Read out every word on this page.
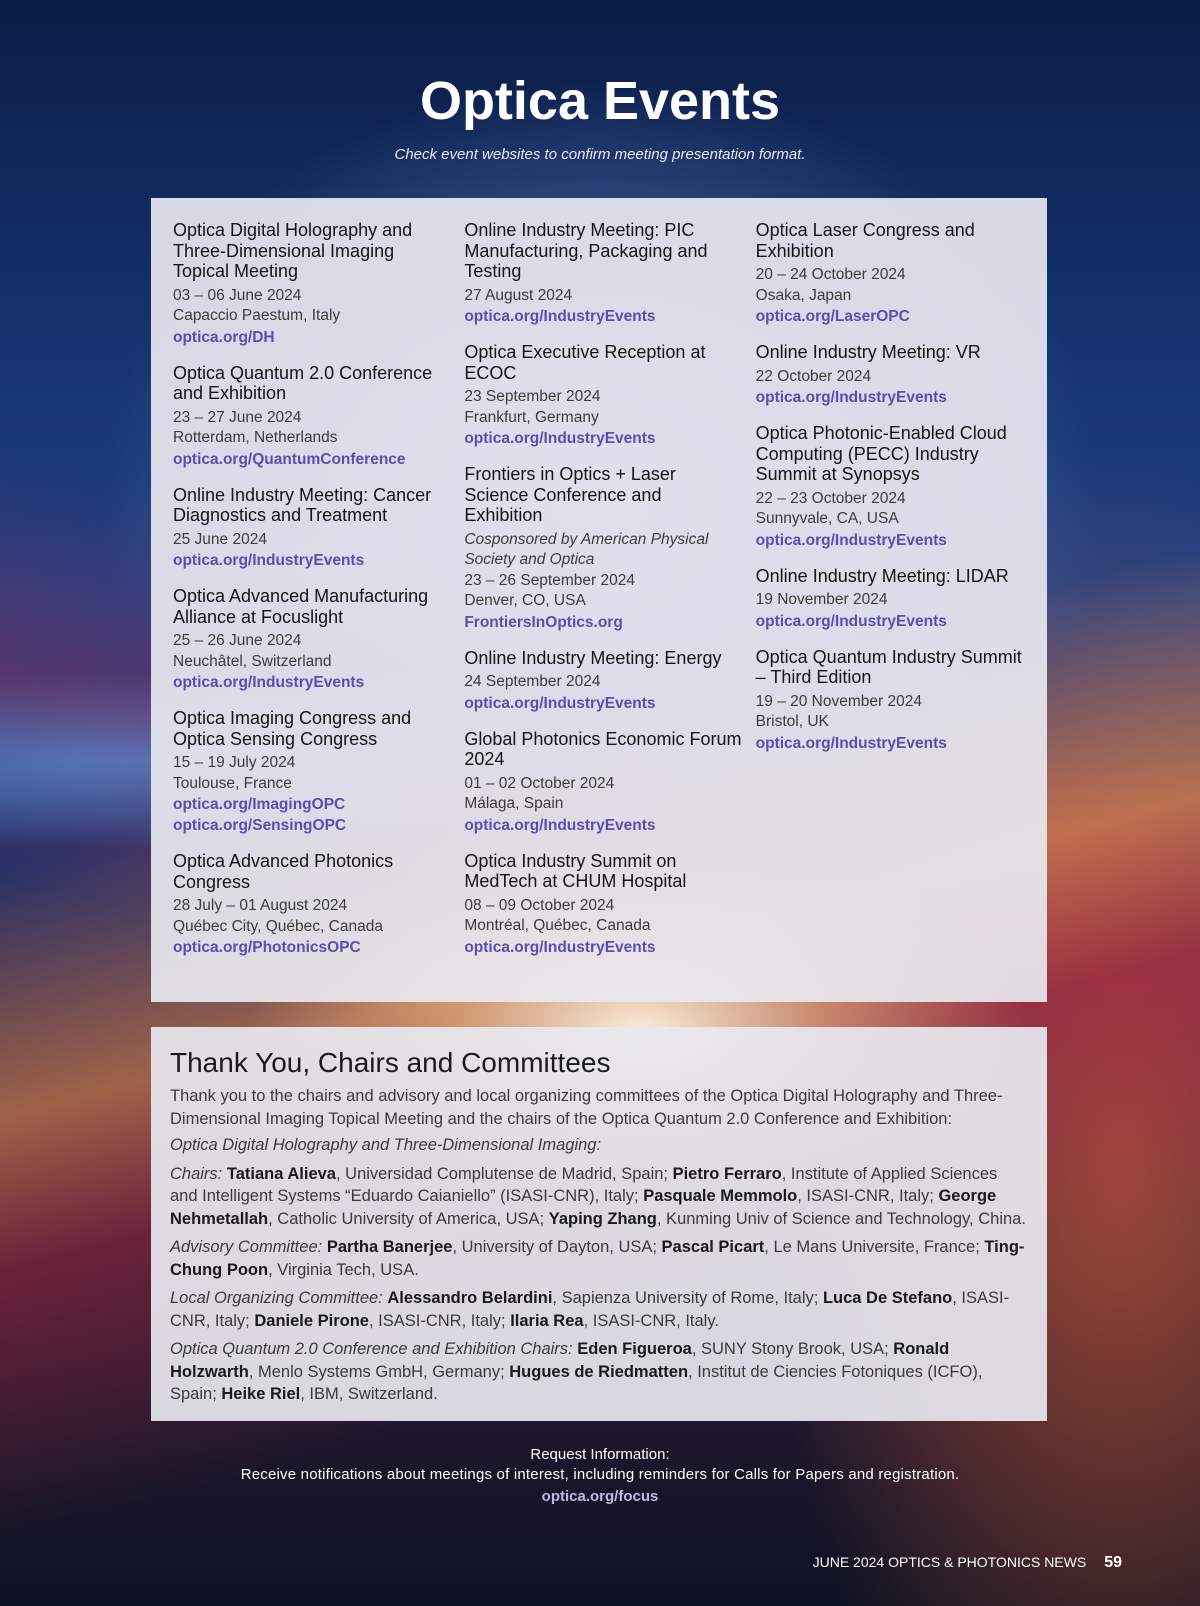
Optica Events
Check event websites to confirm meeting presentation format.
Optica Digital Holography and Three-Dimensional Imaging Topical Meeting
03 – 06 June 2024
Capaccio Paestum, Italy
optica.org/DH
Optica Quantum 2.0 Conference and Exhibition
23 – 27 June 2024
Rotterdam, Netherlands
optica.org/QuantumConference
Online Industry Meeting: Cancer Diagnostics and Treatment
25 June 2024
optica.org/IndustryEvents
Optica Advanced Manufacturing Alliance at Focuslight
25 – 26 June 2024
Neuchâtel, Switzerland
optica.org/IndustryEvents
Optica Imaging Congress and Optica Sensing Congress
15 – 19 July 2024
Toulouse, France
optica.org/ImagingOPC
optica.org/SensingOPC
Optica Advanced Photonics Congress
28 July – 01 August 2024
Québec City, Québec, Canada
optica.org/PhotonicsOPC
Online Industry Meeting: PIC Manufacturing, Packaging and Testing
27 August 2024
optica.org/IndustryEvents
Optica Executive Reception at ECOC
23 September 2024
Frankfurt, Germany
optica.org/IndustryEvents
Frontiers in Optics + Laser Science Conference and Exhibition
Cosponsored by American Physical Society and Optica
23 – 26 September 2024
Denver, CO, USA
FrontiersInOptics.org
Online Industry Meeting: Energy
24 September 2024
optica.org/IndustryEvents
Global Photonics Economic Forum 2024
01 – 02 October 2024
Málaga, Spain
optica.org/IndustryEvents
Optica Industry Summit on MedTech at CHUM Hospital
08 – 09 October 2024
Montréal, Québec, Canada
optica.org/IndustryEvents
Optica Laser Congress and Exhibition
20 – 24 October 2024
Osaka, Japan
optica.org/LaserOPC
Online Industry Meeting: VR
22 October 2024
optica.org/IndustryEvents
Optica Photonic-Enabled Cloud Computing (PECC) Industry Summit at Synopsys
22 – 23 October 2024
Sunnyvale, CA, USA
optica.org/IndustryEvents
Online Industry Meeting: LIDAR
19 November 2024
optica.org/IndustryEvents
Optica Quantum Industry Summit – Third Edition
19 – 20 November 2024
Bristol, UK
optica.org/IndustryEvents
Thank You, Chairs and Committees
Thank you to the chairs and advisory and local organizing committees of the Optica Digital Holography and Three-Dimensional Imaging Topical Meeting and the chairs of the Optica Quantum 2.0 Conference and Exhibition:
Optica Digital Holography and Three-Dimensional Imaging:
Chairs: Tatiana Alieva, Universidad Complutense de Madrid, Spain; Pietro Ferraro, Institute of Applied Sciences and Intelligent Systems “Eduardo Caianiello” (ISASI-CNR), Italy; Pasquale Memmolo, ISASI-CNR, Italy; George Nehmetallah, Catholic University of America, USA; Yaping Zhang, Kunming Univ of Science and Technology, China.
Advisory Committee: Partha Banerjee, University of Dayton, USA; Pascal Picart, Le Mans Universite, France; Ting-Chung Poon, Virginia Tech, USA.
Local Organizing Committee: Alessandro Belardini, Sapienza University of Rome, Italy; Luca De Stefano, ISASI-CNR, Italy; Daniele Pirone, ISASI-CNR, Italy; Ilaria Rea, ISASI-CNR, Italy.
Optica Quantum 2.0 Conference and Exhibition Chairs: Eden Figueroa, SUNY Stony Brook, USA; Ronald Holzwarth, Menlo Systems GmbH, Germany; Hugues de Riedmatten, Institut de Ciencies Fotoniques (ICFO), Spain; Heike Riel, IBM, Switzerland.
Request Information:
Receive notifications about meetings of interest, including reminders for Calls for Papers and registration.
optica.org/focus
JUNE 2024 OPTICS & PHOTONICS NEWS 59
